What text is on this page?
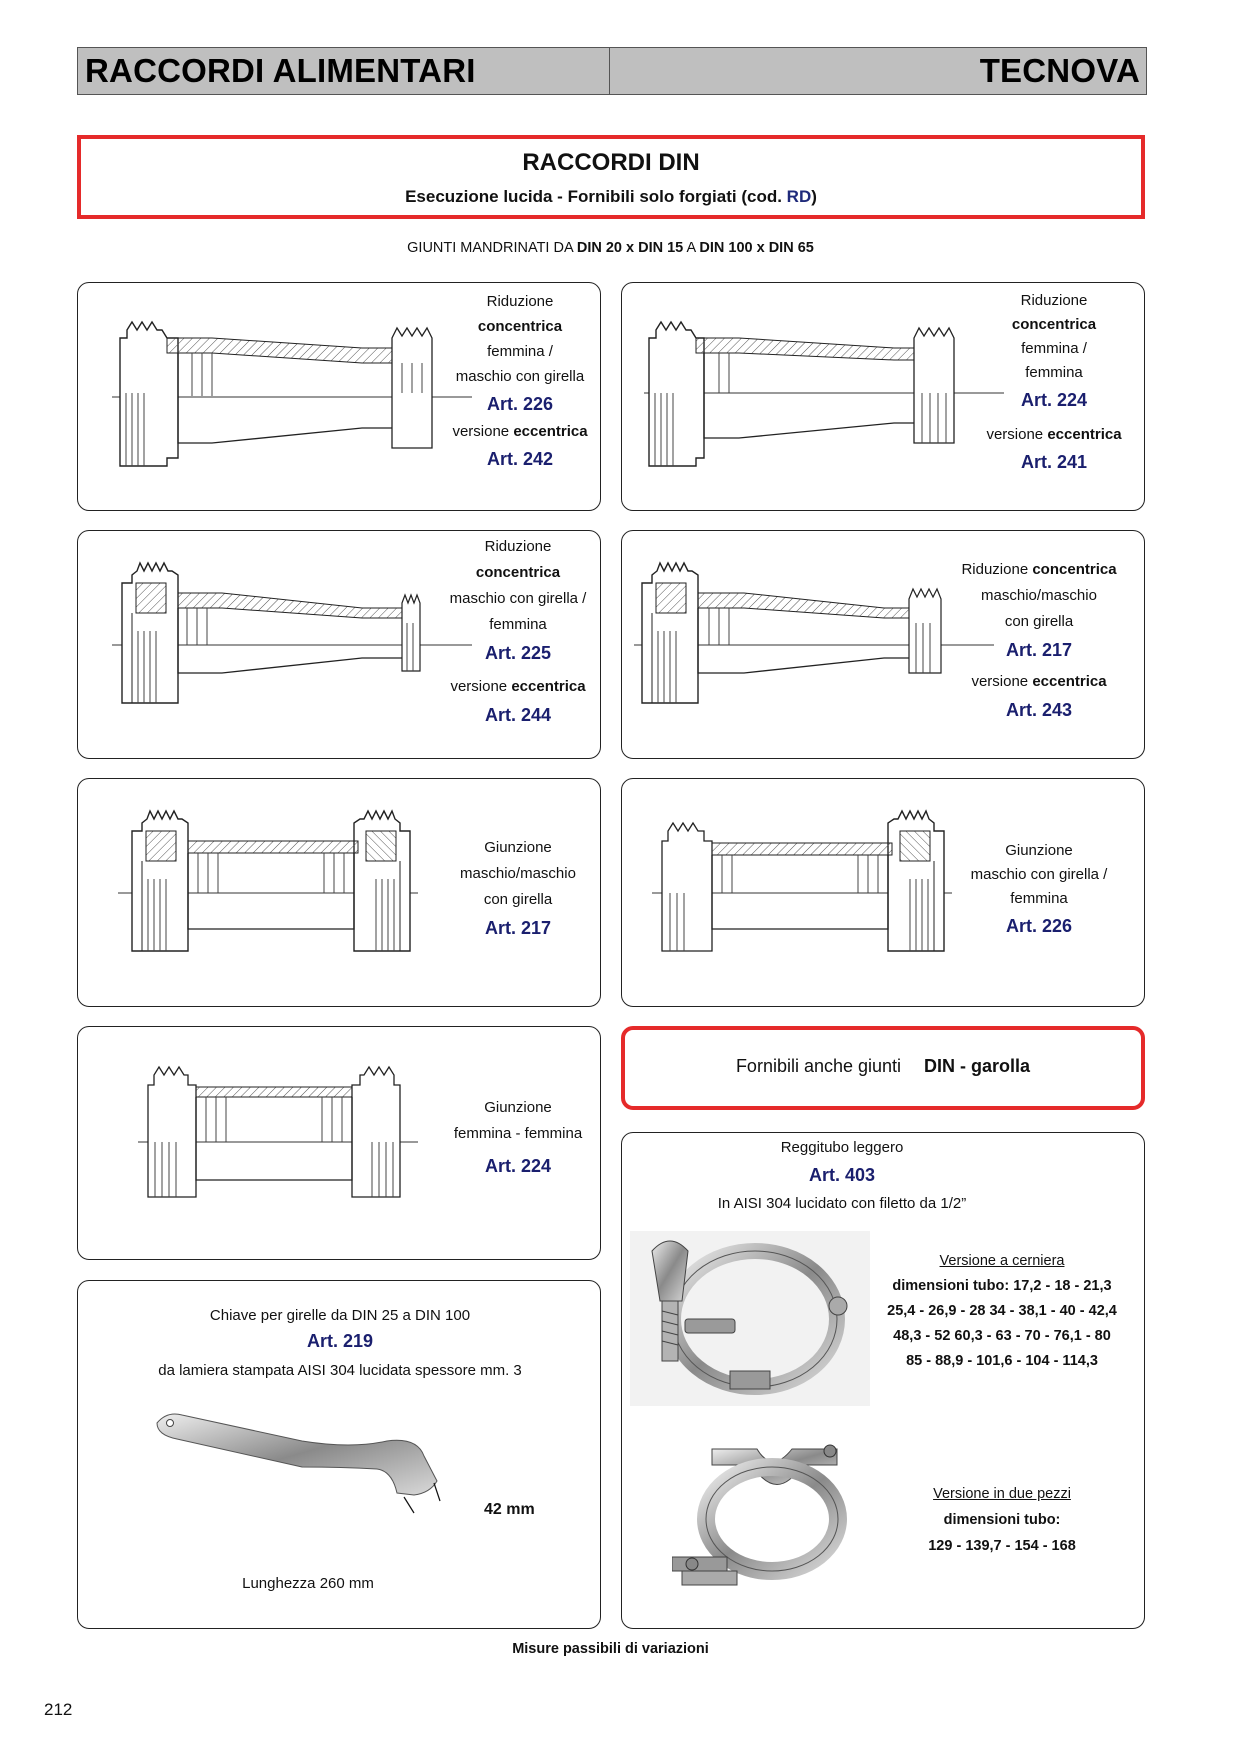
RACCORDI ALIMENTARI	TECNOVA
RACCORDI DIN
Esecuzione lucida - Fornibili solo forgiati (cod. RD)
GIUNTI MANDRINATI DA DIN 20 x DIN 15 A DIN 100 x DIN 65
Riduzione
concentrica
femmina /
maschio con girella
Art. 226
versione eccentrica
Art. 242
Riduzione
concentrica
femmina /
femmina
Art. 224
versione eccentrica
Art. 241
Riduzione
concentrica
maschio con girella /
femmina
Art. 225
versione eccentrica
Art. 244
Riduzione concentrica
maschio/maschio
con girella
Art. 217
versione eccentrica
Art. 243
Giunzione
maschio/maschio
con girella
Art. 217
Giunzione
maschio con girella /
femmina
Art. 226
Giunzione
femmina - femmina
Art. 224
Fornibili anche giunti DIN - garolla
Reggitubo leggero
Art. 403
In AISI 304 lucidato con filetto da 1/2”
Versione a cerniera
dimensioni tubo: 17,2 - 18 - 21,3
25,4 - 26,9 - 28 34 - 38,1 - 40 - 42,4
48,3 - 52 60,3 - 63 - 70 - 76,1 - 80
85 - 88,9 - 101,6 - 104 - 114,3
Versione in due pezzi
dimensioni tubo:
129 - 139,7 - 154 - 168
Chiave per girelle da DIN 25 a DIN 100
Art. 219
da lamiera stampata AISI 304 lucidata spessore mm. 3
42 mm
Lunghezza 260 mm
Misure passibili di variazioni
212
